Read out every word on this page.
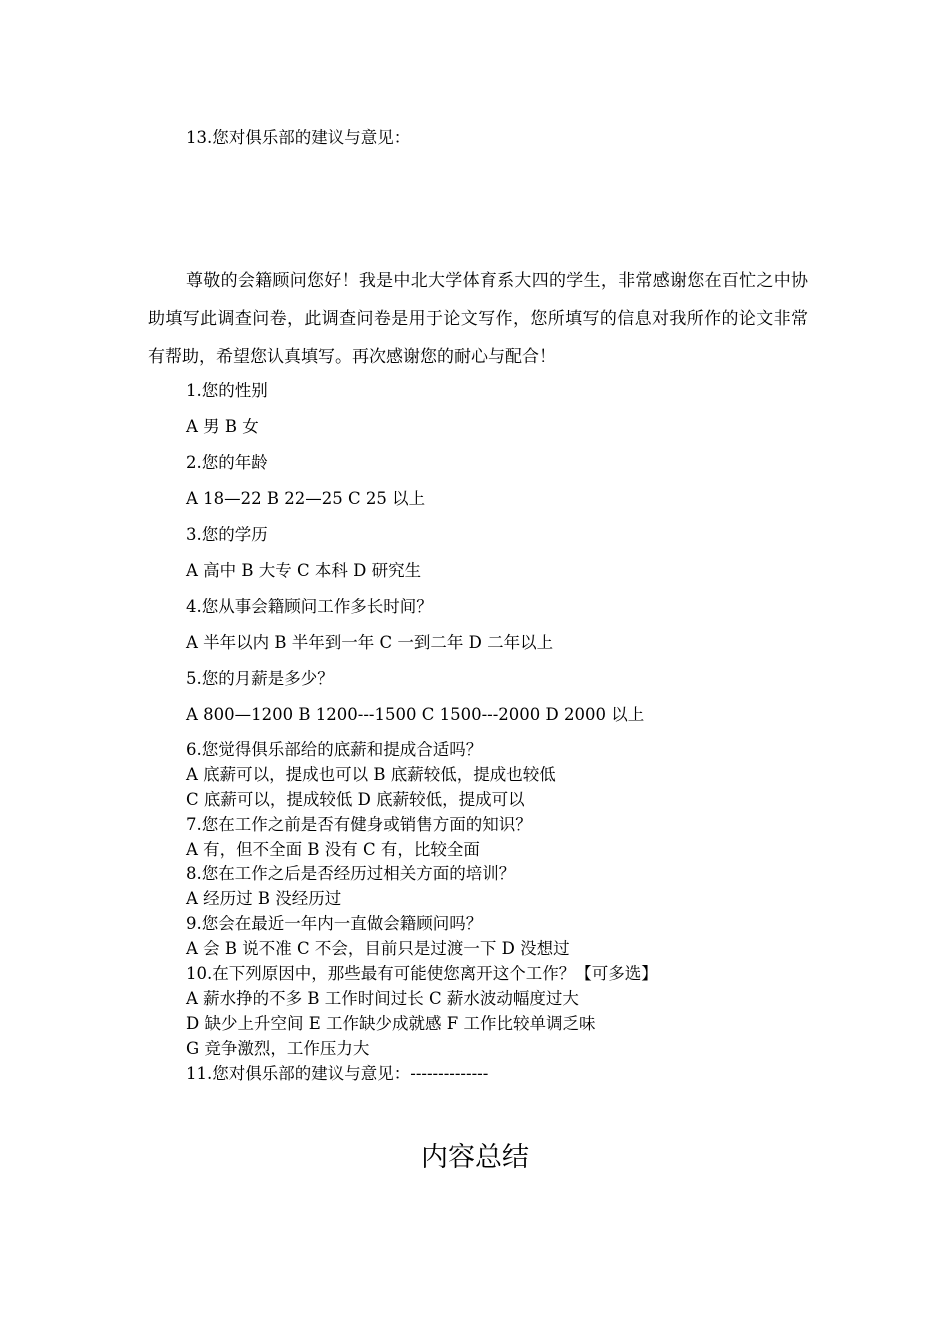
13.您对俱乐部的建议与意见：
尊敬的会籍顾问您好！我是中北大学体育系大四的学生，非常感谢您在百忙之中协助填写此调查问卷，此调查问卷是用于论文写作，您所填写的信息对我所作的论文非常有帮助，希望您认真填写。再次感谢您的耐心与配合！
1.您的性别
A 男 B 女
2.您的年龄
A 18—22 B 22—25 C 25 以上
3.您的学历
A 高中 B 大专 C 本科 D 研究生
4.您从事会籍顾问工作多长时间？
A 半年以内 B 半年到一年 C 一到二年 D 二年以上
5.您的月薪是多少？
A 800—1200 B 1200---1500 C 1500---2000 D 2000 以上
6.您觉得俱乐部给的底薪和提成合适吗？
A 底薪可以，提成也可以 B 底薪较低，提成也较低
C 底薪可以，提成较低 D 底薪较低，提成可以
7.您在工作之前是否有健身或销售方面的知识？
A 有，但不全面 B 没有 C 有，比较全面
8.您在工作之后是否经历过相关方面的培训？
A 经历过 B 没经历过
9.您会在最近一年内一直做会籍顾问吗？
A 会 B 说不准 C 不会，目前只是过渡一下 D 没想过
10.在下列原因中，那些最有可能使您离开这个工作？【可多选】
A 薪水挣的不多 B 工作时间过长 C 薪水波动幅度过大
D 缺少上升空间 E 工作缺少成就感 F 工作比较单调乏味
G 竞争激烈，工作压力大
11.您对俱乐部的建议与意见：--------------
内容总结
